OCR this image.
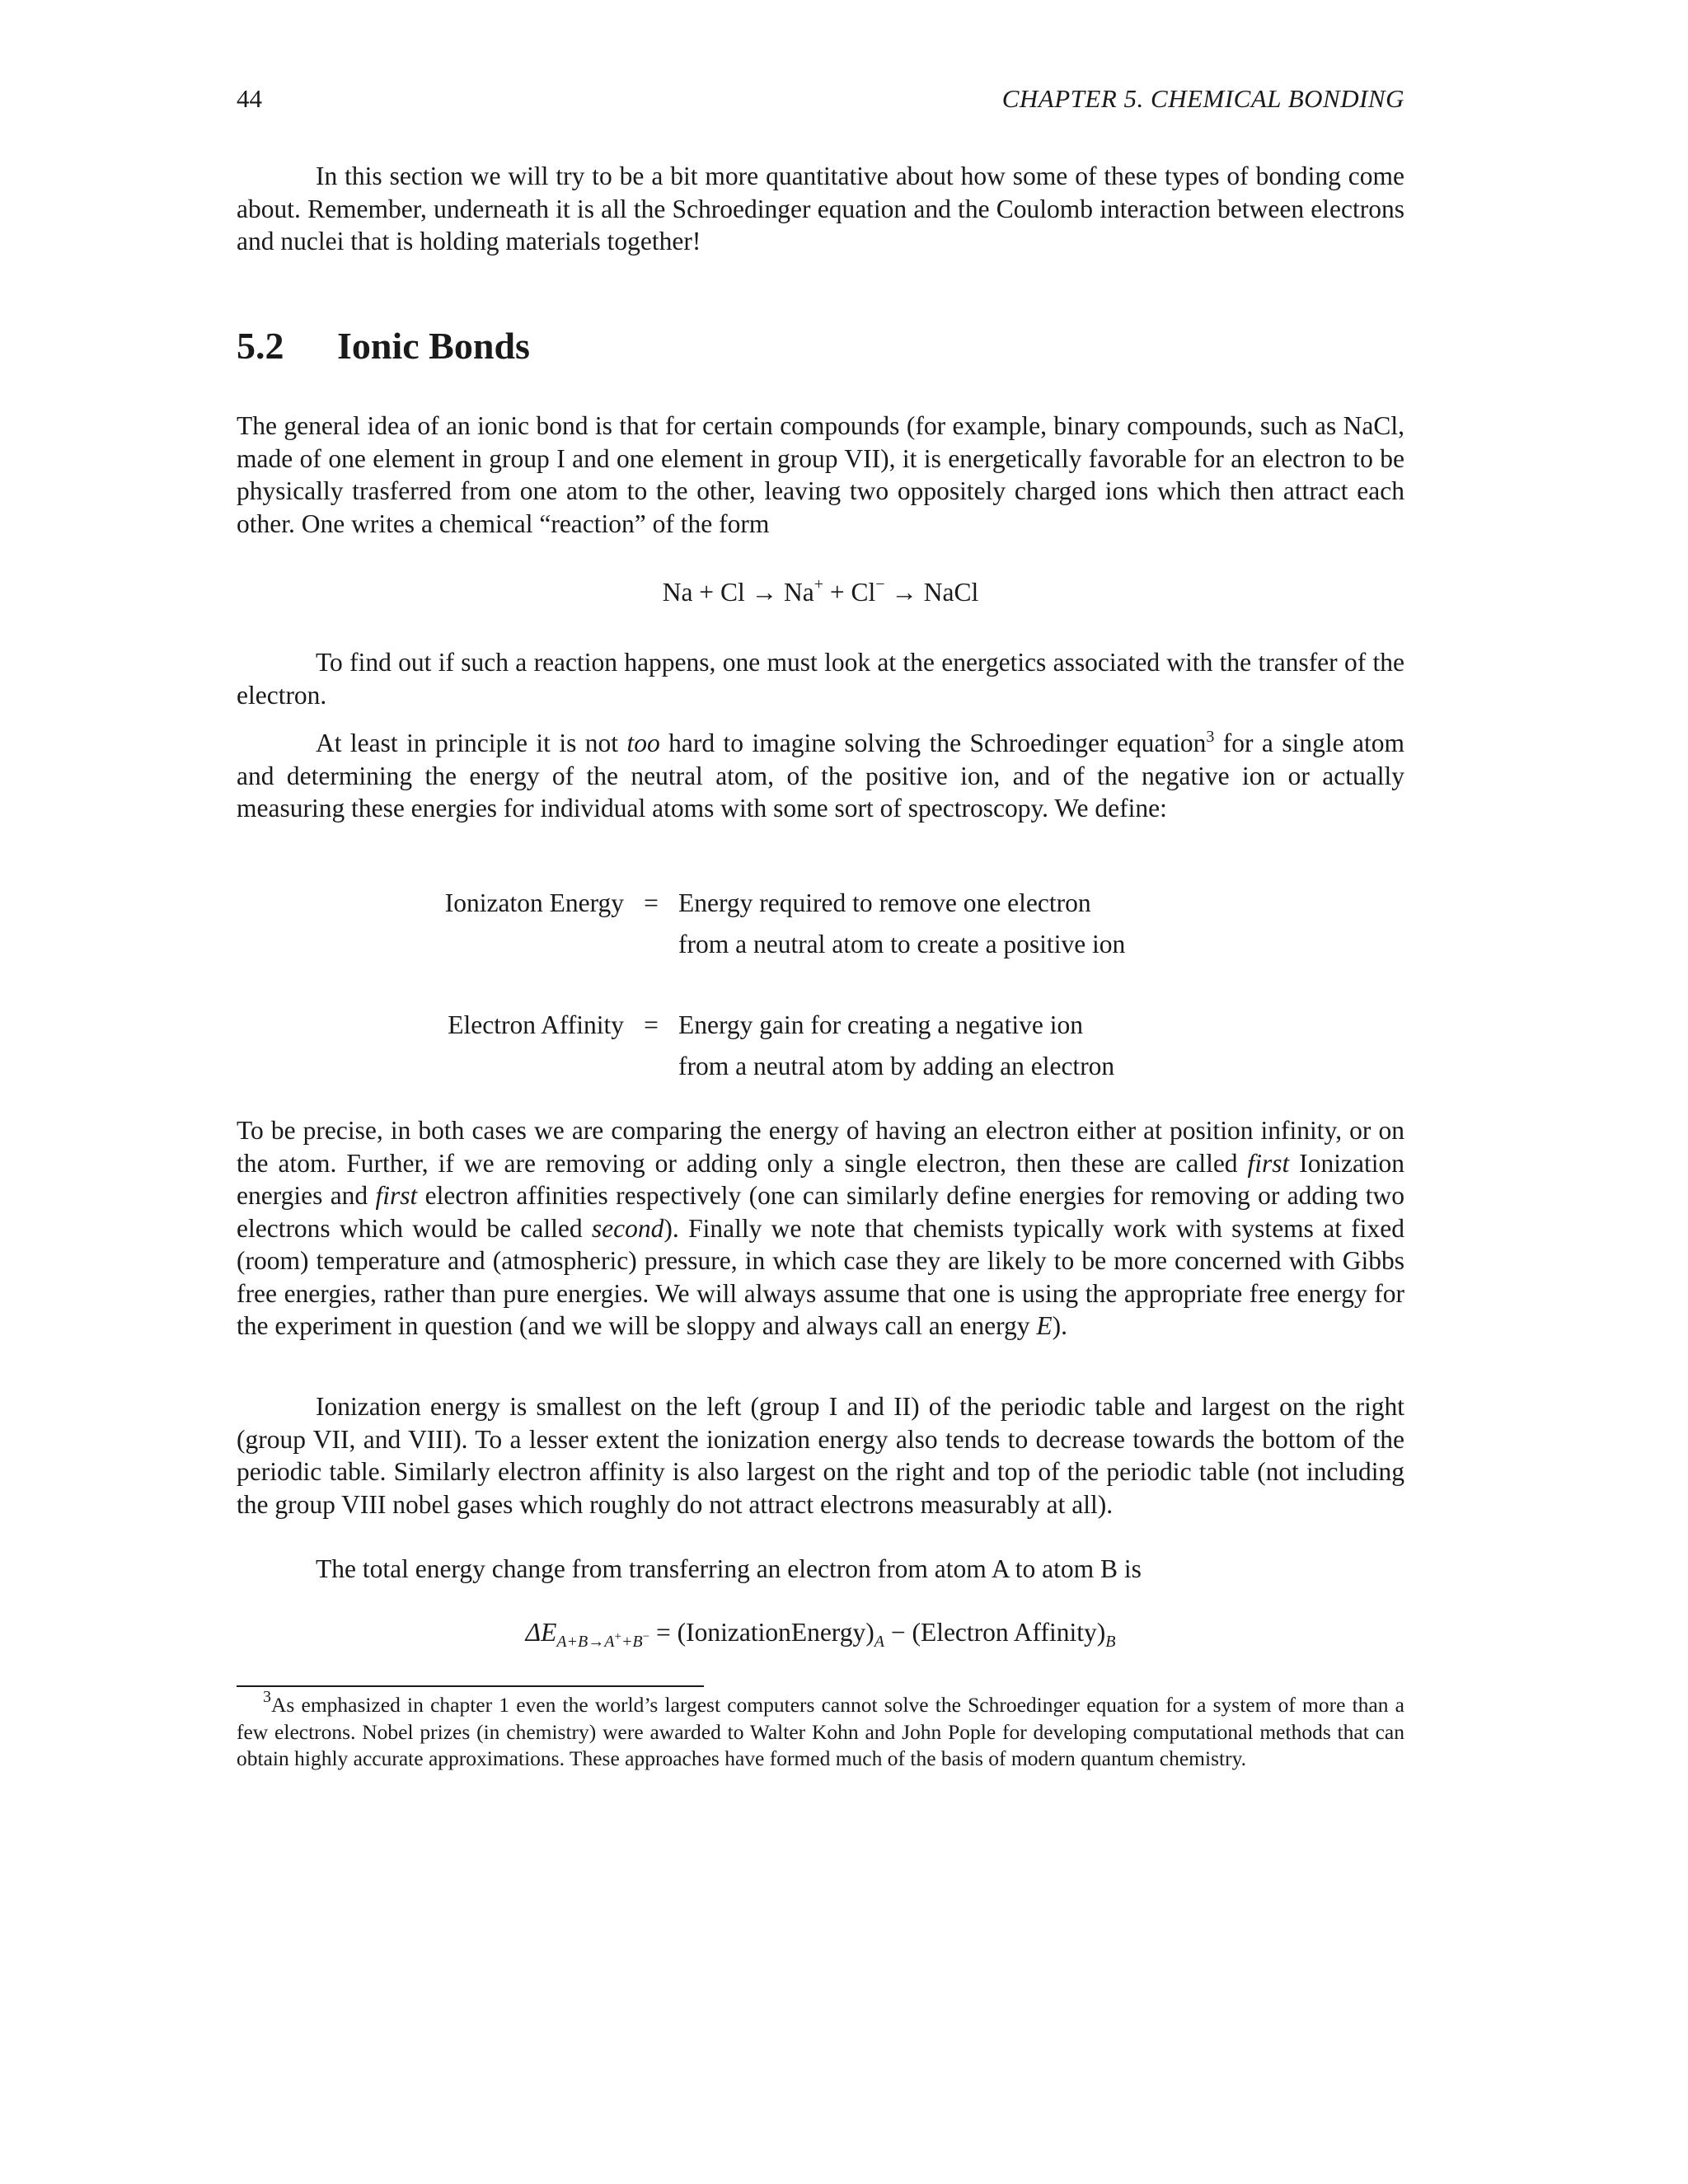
44	CHAPTER 5. CHEMICAL BONDING

In this section we will try to be a bit more quantitative about how some of these types of bonding come about. Remember, underneath it is all the Schroedinger equation and the Coulomb interaction between electrons and nuclei that is holding materials together!

5.2 Ionic Bonds

The general idea of an ionic bond is that for certain compounds (for example, binary compounds, such as NaCl, made of one element in group I and one element in group VII), it is energetically favorable for an electron to be physically trasferred from one atom to the other, leaving two oppositely charged ions which then attract each other. One writes a chemical “reaction” of the form

Na + Cl → Na+ + Cl− → NaCl

To find out if such a reaction happens, one must look at the energetics associated with the transfer of the electron.

At least in principle it is not too hard to imagine solving the Schroedinger equation$^3$ for a single atom and determining the energy of the neutral atom, of the positive ion, and of the negative ion or actually measuring these energies for individual atoms with some sort of spectroscopy. We define:

Ionizaton Energy = Energy required to remove one electron
from a neutral atom to create a positive ion
Electron Affinity = Energy gain for creating a negative ion
from a neutral atom by adding an electron

To be precise, in both cases we are comparing the energy of having an electron either at position infinity, or on the atom. Further, if we are removing or adding only a single electron, then these are called first Ionization energies and first electron affinities respectively (one can similarly define energies for removing or adding two electrons which would be called second). Finally we note that chemists typically work with systems at fixed (room) temperature and (atmospheric) pressure, in which case they are likely to be more concerned with Gibbs free energies, rather than pure energies. We will always assume that one is using the appropriate free energy for the experiment in question (and we will be sloppy and always call an energy E).

Ionization energy is smallest on the left (group I and II) of the periodic table and largest on the right (group VII, and VIII). To a lesser extent the ionization energy also tends to decrease towards the bottom of the periodic table. Similarly electron affinity is also largest on the right and top of the periodic table (not including the group VIII nobel gases which roughly do not attract electrons measurably at all).

The total energy change from transferring an electron from atom A to atom B is

$\Delta E_{A+B\to A^++B^-}$ = $(IonizationEnergy)_A$ − (Electron $Affinity)_B$

$^3$As emphasized in chapter 1 even the world’s largest computers cannot solve the Schroedinger equation for a system of more than a few electrons. Nobel prizes (in chemistry) were awarded to Walter Kohn and John Pople for developing computational methods that can obtain highly accurate approximations. These approaches have formed much of the basis of modern quantum chemistry.
